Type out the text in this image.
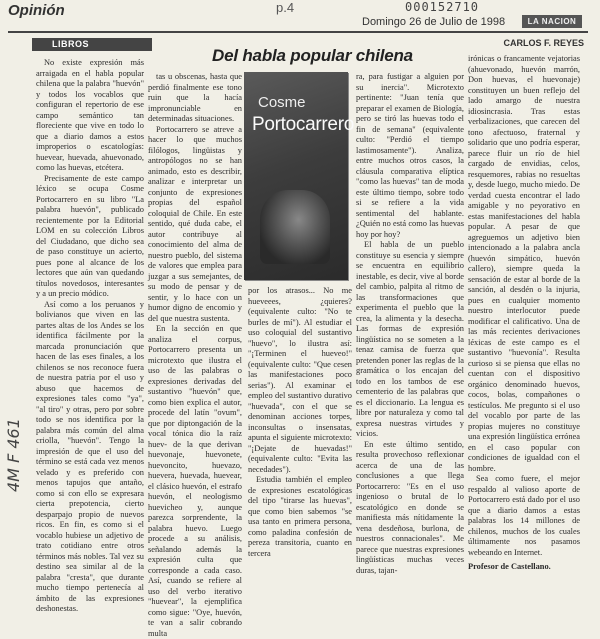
Opinión	p.4	000152710
Domingo 26 de Julio de 1998	LA NACION
LIBROS	CARLOS F. REYES
Del habla popular chilena

No existe expresión más arraigada en el habla popular chilena que la palabra "huevón" y todos los vocablos que configuran el repertorio de ese campo semántico tan floreciente que vive en todo lo que a diario damos a estos improperios o escatologías: huevear, huevada, ahuevonado, como las huevas, etcétera.

Precisamente de este campo léxico se ocupa Cosme Portocarrero en su libro "La palabra huevón", publicado recientemente por la Editorial LOM en su colección Libros del Ciudadano, que dicho sea de paso constituye un acierto, pues pone al alcance de los lectores que aún van quedando títulos novedosos, interesantes y a un precio módico.

Así como a los peruanos y bolivianos que viven en las partes altas de los Andes se los identifica fácilmente por la marcada pronunciación que hacen de las eses finales, a los chilenos se nos reconoce fuera de nuestra patria por el uso y abuso que hacemos de expresiones tales como "ya", "al tiro" y otras, pero por sobre todo se nos identifica por la palabra más común del alma criolla, "huevón". Tengo la impresión de que el uso del término se está cada vez menos velado y es preferido con menos tapujos que antaño, como si con ello se expresara cierta prepotencia, cierto desparpajo propio de nuevos ricos. En fin, es como si el vocablo hubiese un adjetivo de trato cotidiano entre otros términos más nobles. Tal vez su destino sea similar al de la palabra "cresta", que durante mucho tiempo pertenecía al ámbito de las expresiones deshonestas.

tas u obscenas, hasta que perdió finalmente ese tono ruin que la hacía impronunciable en determinadas situaciones.

Portocarrero se atreve a hacer lo que muchos filólogos, lingüistas y antropólogos no se han animado, esto es describir, analizar e interpretar un conjunto de expresiones propias del español coloquial de Chile. En este sentido, qué duda cabe, el autor contribuye al conocimiento del alma de nuestro pueblo, del sistema de valores que emplea para juzgar a sus semejantes, de su modo de pensar y de sentir, y lo hace con un humor digno de encomio y del que nuestra sustenta.

En la sección en que analiza el corpus, Portocarrero presenta un microtexto que ilustra el uso de las palabras o expresiones derivadas del sustantivo "huevón" que, como bien explica el autor, procede del latín "ovum", que por diptongación de la vocal tónica dio la raíz huev- de la que derivan huevonaje, huevonete, huevoncito, huevazo, huevera, huevada, huevear, el clásico huevón, el estrafo huevón, el neologismo huevicheo y, aunque parezca sorprendente, la palabra huevo. Luego procede a su análisis, señalando además la expresión culta que corresponde a cada caso. Así, cuando se refiere al uso del verbo iterativo "huevear", la ejemplifica como sigue: "Oye, huevón, te van a salir cobrando multa

Cosme
Portocarrero

por los atrasos... No me hueveees, ¿quieres? (equivalente culto: "No te burles de mí"). Al estudiar el uso coloquial del sustantivo "huevo", lo ilustra así: "¡Terminen el hueveo!" (equivalente culto: "Que cesen las manifestaciones poco serias"). Al examinar el empleo del sustantivo durativo "huevada", con el que se denominan acciones torpes, inconsultas o insensatas, apunta el siguiente microtexto: "¡Dejate de huevadas!" (equivalente culto: "Evita las necedades").

Estudia también el empleo de expresiones escatológicas del tipo "tirarse las huevas", que como bien sabemos "se usa tanto en primera persona, como paladina confesión de pereza transitoria, cuanto en tercera

ra, para fustigar a alguien por su inercia". Microtexto pertinente: "Juan tenía que preparar el examen de Biología, pero se tiró las huevas todo el fin de semana" (equivalente culto: "Perdió el tiempo lastimosamente"). Analiza, entre muchos otros casos, la cláusula comparativa elíptica "como las huevas" tan de moda este último tiempo, sobre todo si se refiere a la vida sentimental del hablante. ¿Quién no está como las huevas hoy por hoy?

El habla de un pueblo constituye su esencia y siempre se encuentra en equilibrio inestable, es decir, vive al borde del cambio, palpita al ritmo de las transformaciones que experimenta el pueblo que la crea, la alimenta y la desecha. Las formas de expresión lingüística no se someten a la tenaz camisa de fuerza que pretenden poner las reglas de la gramática o los encajan del todo en los tambos de ese cementerio de las palabras que es el diccionario. La lengua es libre por naturaleza y como tal expresa nuestras virtudes y vicios.

En este último sentido, resulta provechoso reflexionar acerca de una de las conclusiones a que llega Portocarrero: "Es en el uso ingenioso o brutal de lo escatológico en donde se manifiesta más nítidamente la vena desdeñosa, burlona, de nuestros connacionales". Me parece que nuestras expresiones lingüísticas muchas veces duras, tajan-

irónicas o francamente vejatorias (ahuevonado, huevón marrón, Don huevas, el huevonaje) constituyen un buen reflejo del lado amargo de nuestra idiosincrasia. Tras estas verbalizaciones, que carecen del tono afectuoso, fraternal y solidario que uno podría esperar, parece fluir un río de hiel cargado de envidias, celos, resquemores, rabias no resueltas y, desde luego, mucho miedo. De verdad cuesta encontrar el lado amigable y no peyorativo en estas manifestaciones del habla popular. A pesar de que agreguemos un adjetivo bien intencionado a la palabra ancla (huevón simpático, huevón callero), siempre queda la sensación de estar al borde de la sanción, al desdén o la injuria, pues en cualquier momento nuestro interlocutor puede modificar el calificativo. Una de las más recientes derivaciones léxicas de este campo es el sustantivo "huevonía". Resulta curioso si se piensa que ellas no cuentan con el dispositivo orgánico denominado huevos, cocos, bolas, compañones o testículos. Me pregunto si el uso del vocablo por parte de las propias mujeres no constituye una expresión lingüística errónea en el caso popular con condiciones de igualdad con el hombre.

Sea como fuere, el mejor respaldo al valioso aporte de Portocarrero está dado por el uso que a diario damos a estas palabras los 14 millones de chilenos, muchos de los cuales últimamente nos pasamos webeando en Internet.

Profesor de Castellano.

4M F 461
